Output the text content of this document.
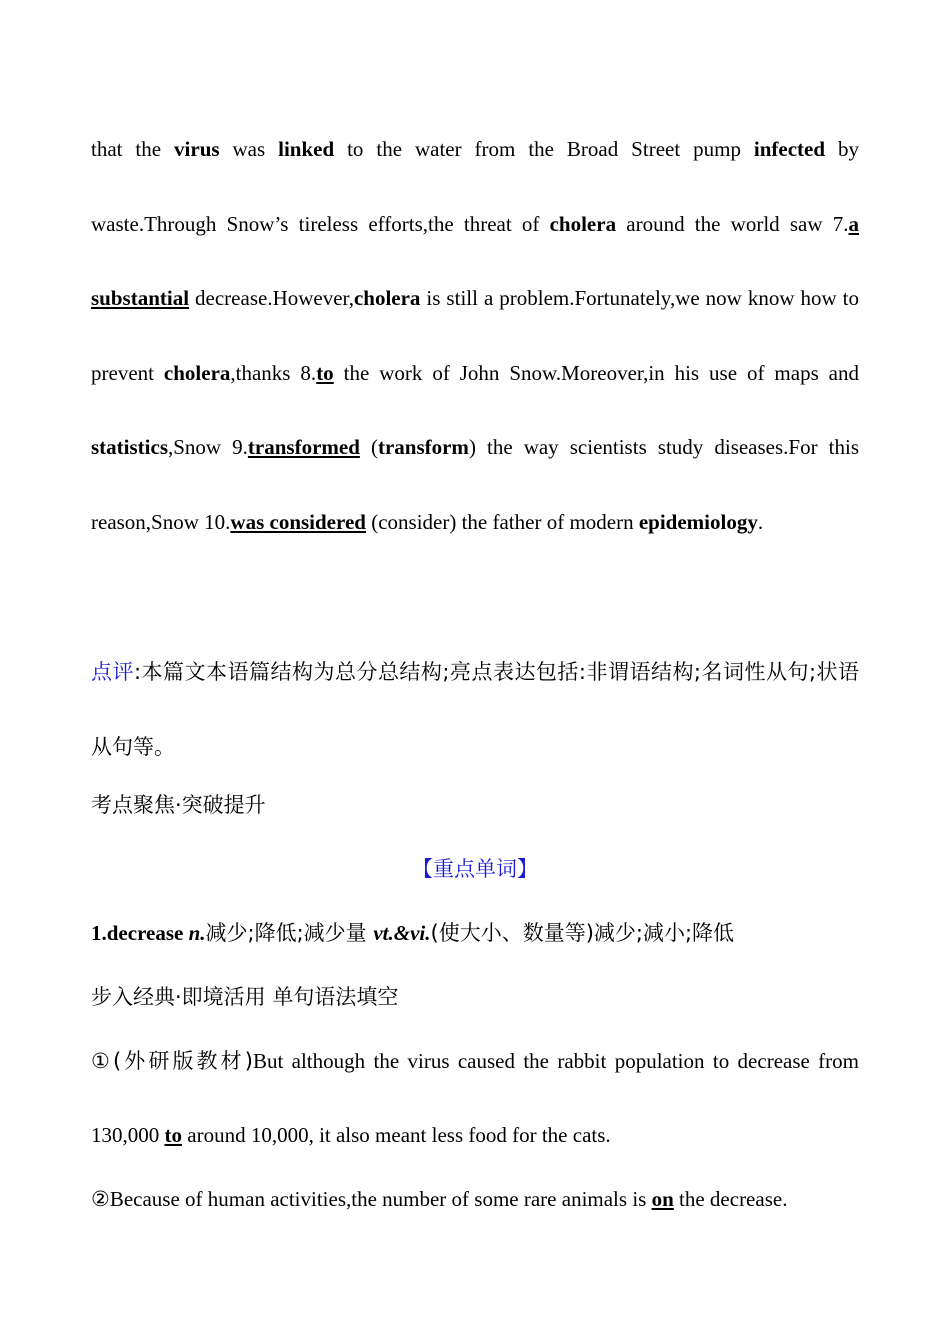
that the virus was linked to the water from the Broad Street pump infected by waste.Through Snow’s tireless efforts,the threat of cholera around the world saw 7.a substantial decrease.However,cholera is still a problem.Fortunately,we now know how to prevent cholera,thanks 8.to the work of John Snow.Moreover,in his use of maps and statistics,Snow 9.transformed (transform) the way scientists study diseases.For this reason,Snow 10.was considered (consider) the father of modern epidemiology.

点评:本篇文本语篇结构为总分总结构;亮点表达包括:非谓语结构;名词性从句;状语从句等。

考点聚焦·突破提升

【重点单词】

1.decrease n.减少;降低;减少量 vt.&vi.(使大小、数量等)减少;减小;降低

步入经典·即境活用 单句语法填空

①(外研版教材)But although the virus caused the rabbit population to decrease from 130,000 to around 10,000, it also meant less food for the cats.

②Because of human activities,the number of some rare animals is on the decrease.
